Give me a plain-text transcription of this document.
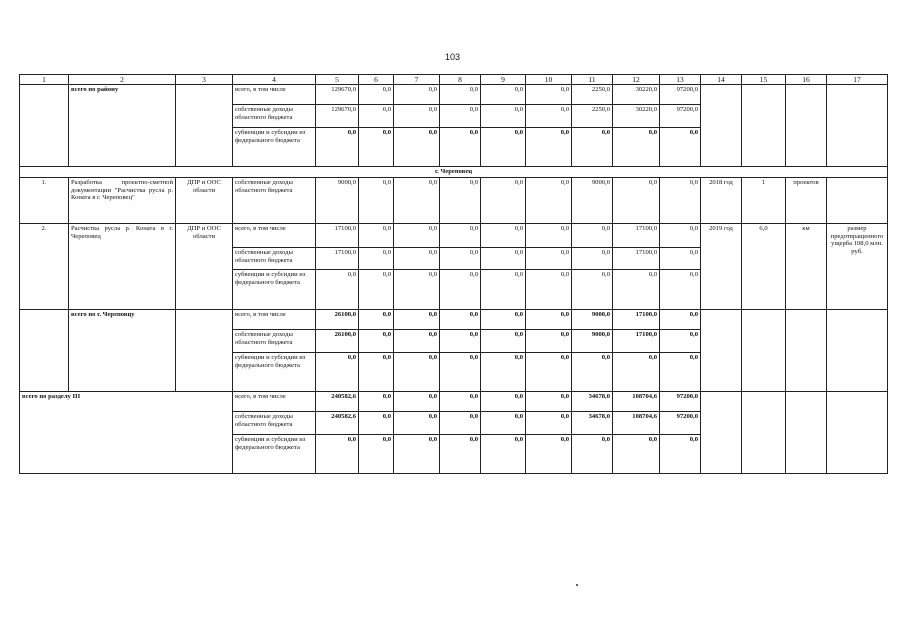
103
1	2	3	4	5	6	7	8	9	10	11	12	13	14	15	16	17
	всего по району		всего, в том числе	129670,0	0,0	0,0	0,0	0,0	0,0	2250,0	30220,0	97200,0				
			собственные доходы областного бюджета	129670,0	0,0	0,0	0,0	0,0	0,0	2250,0	30220,0	97200,0				
			субвенции и субсидии из федерального бюджета	0,0	0,0	0,0	0,0	0,0	0,0	0,0	0,0	0,0				
г. Череповец																
1.	Разработка проектно-сметной документации "Расчистка русла р. Коната в г. Череповец"	ДПР и ООС области	собственные доходы областного бюджета	9000,0	0,0	0,0	0,0	0,0	0,0	9000,0	0,0	0,0	2018 год	1	проектов	
2.	Расчистка русла р. Коната в г. Череповец	ДПР и ООС области	всего, в том числе	17100,0	0,0	0,0	0,0	0,0	0,0	0,0	17100,0	0,0	2019 год	6,0	км	размер предотвращенного ущерба 108,0 млн. руб.
			собственные доходы областного бюджета	17100,0	0,0	0,0	0,0	0,0	0,0	0,0	17100,0	0,0				
			субвенции и субсидии из федерального бюджета	0,0	0,0	0,0	0,0	0,0	0,0	0,0	0,0	0,0				
	всего по г. Череповцу		всего, в том числе	26100,0	0,0	0,0	0,0	0,0	0,0	9000,0	17100,0	0,0				
			собственные доходы областного бюджета	26100,0	0,0	0,0	0,0	0,0	0,0	9000,0	17100,0	0,0				
			субвенции и субсидии из федерального бюджета	0,0	0,0	0,0	0,0	0,0	0,0	0,0	0,0	0,0				
всего по разделу III			всего, в том числе	240582,6	0,0	0,0	0,0	0,0	0,0	34678,0	108704,6	97200,0				
			собственные доходы областного бюджета	240582,6	0,0	0,0	0,0	0,0	0,0	34678,0	108704,6	97200,0				
			субвенции и субсидии из федерального бюджета	0,0	0,0	0,0	0,0	0,0	0,0	0,0	0,0	0,0				
